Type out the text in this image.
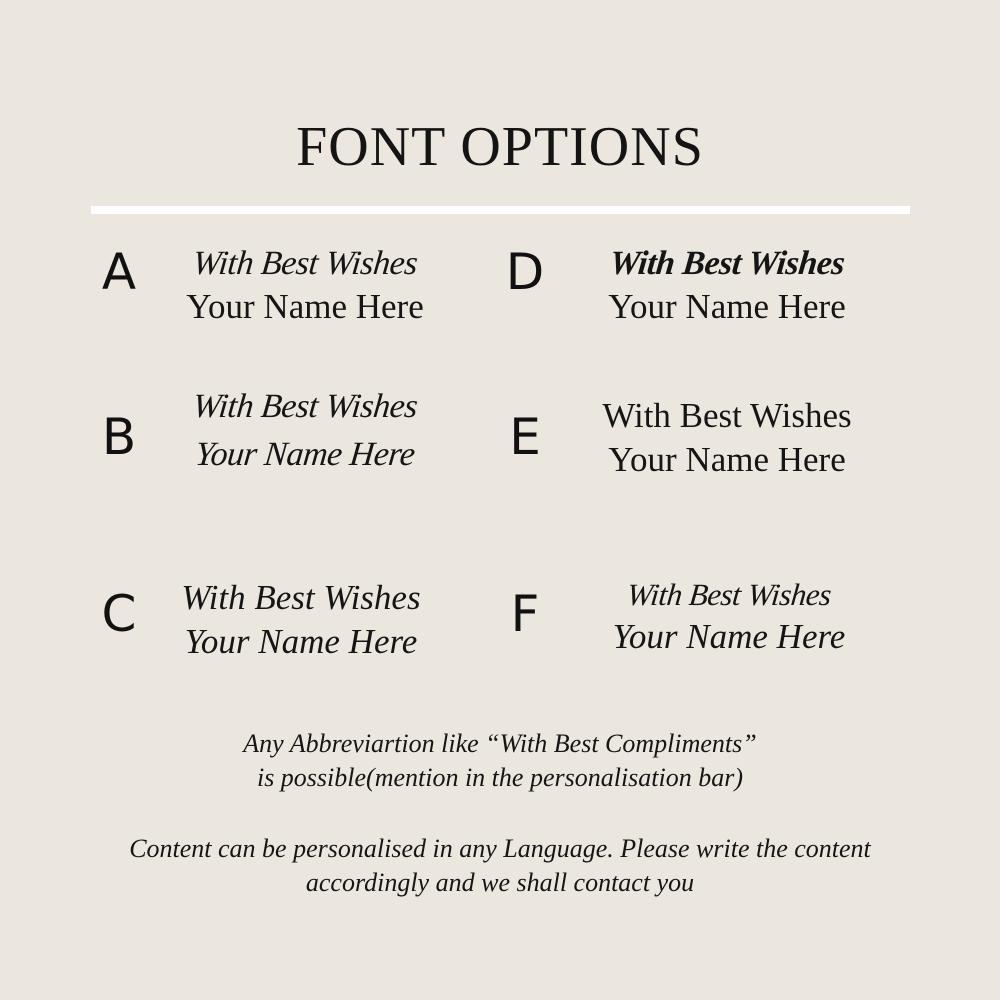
FONT OPTIONS
A	With Best Wishes
Your Name Here
B
With Best Wishes
Your Name Here
C	With Best Wishes
Your Name Here
D	With Best Wishes
Your Name Here
E	With Best Wishes
Your Name Here
F	With Best Wishes
Your Name Here
Any Abbreviartion like “With Best Compliments”
is possible(mention in the personalisation bar)
Content can be personalised in any Language. Please write the content
accordingly and we shall contact you
